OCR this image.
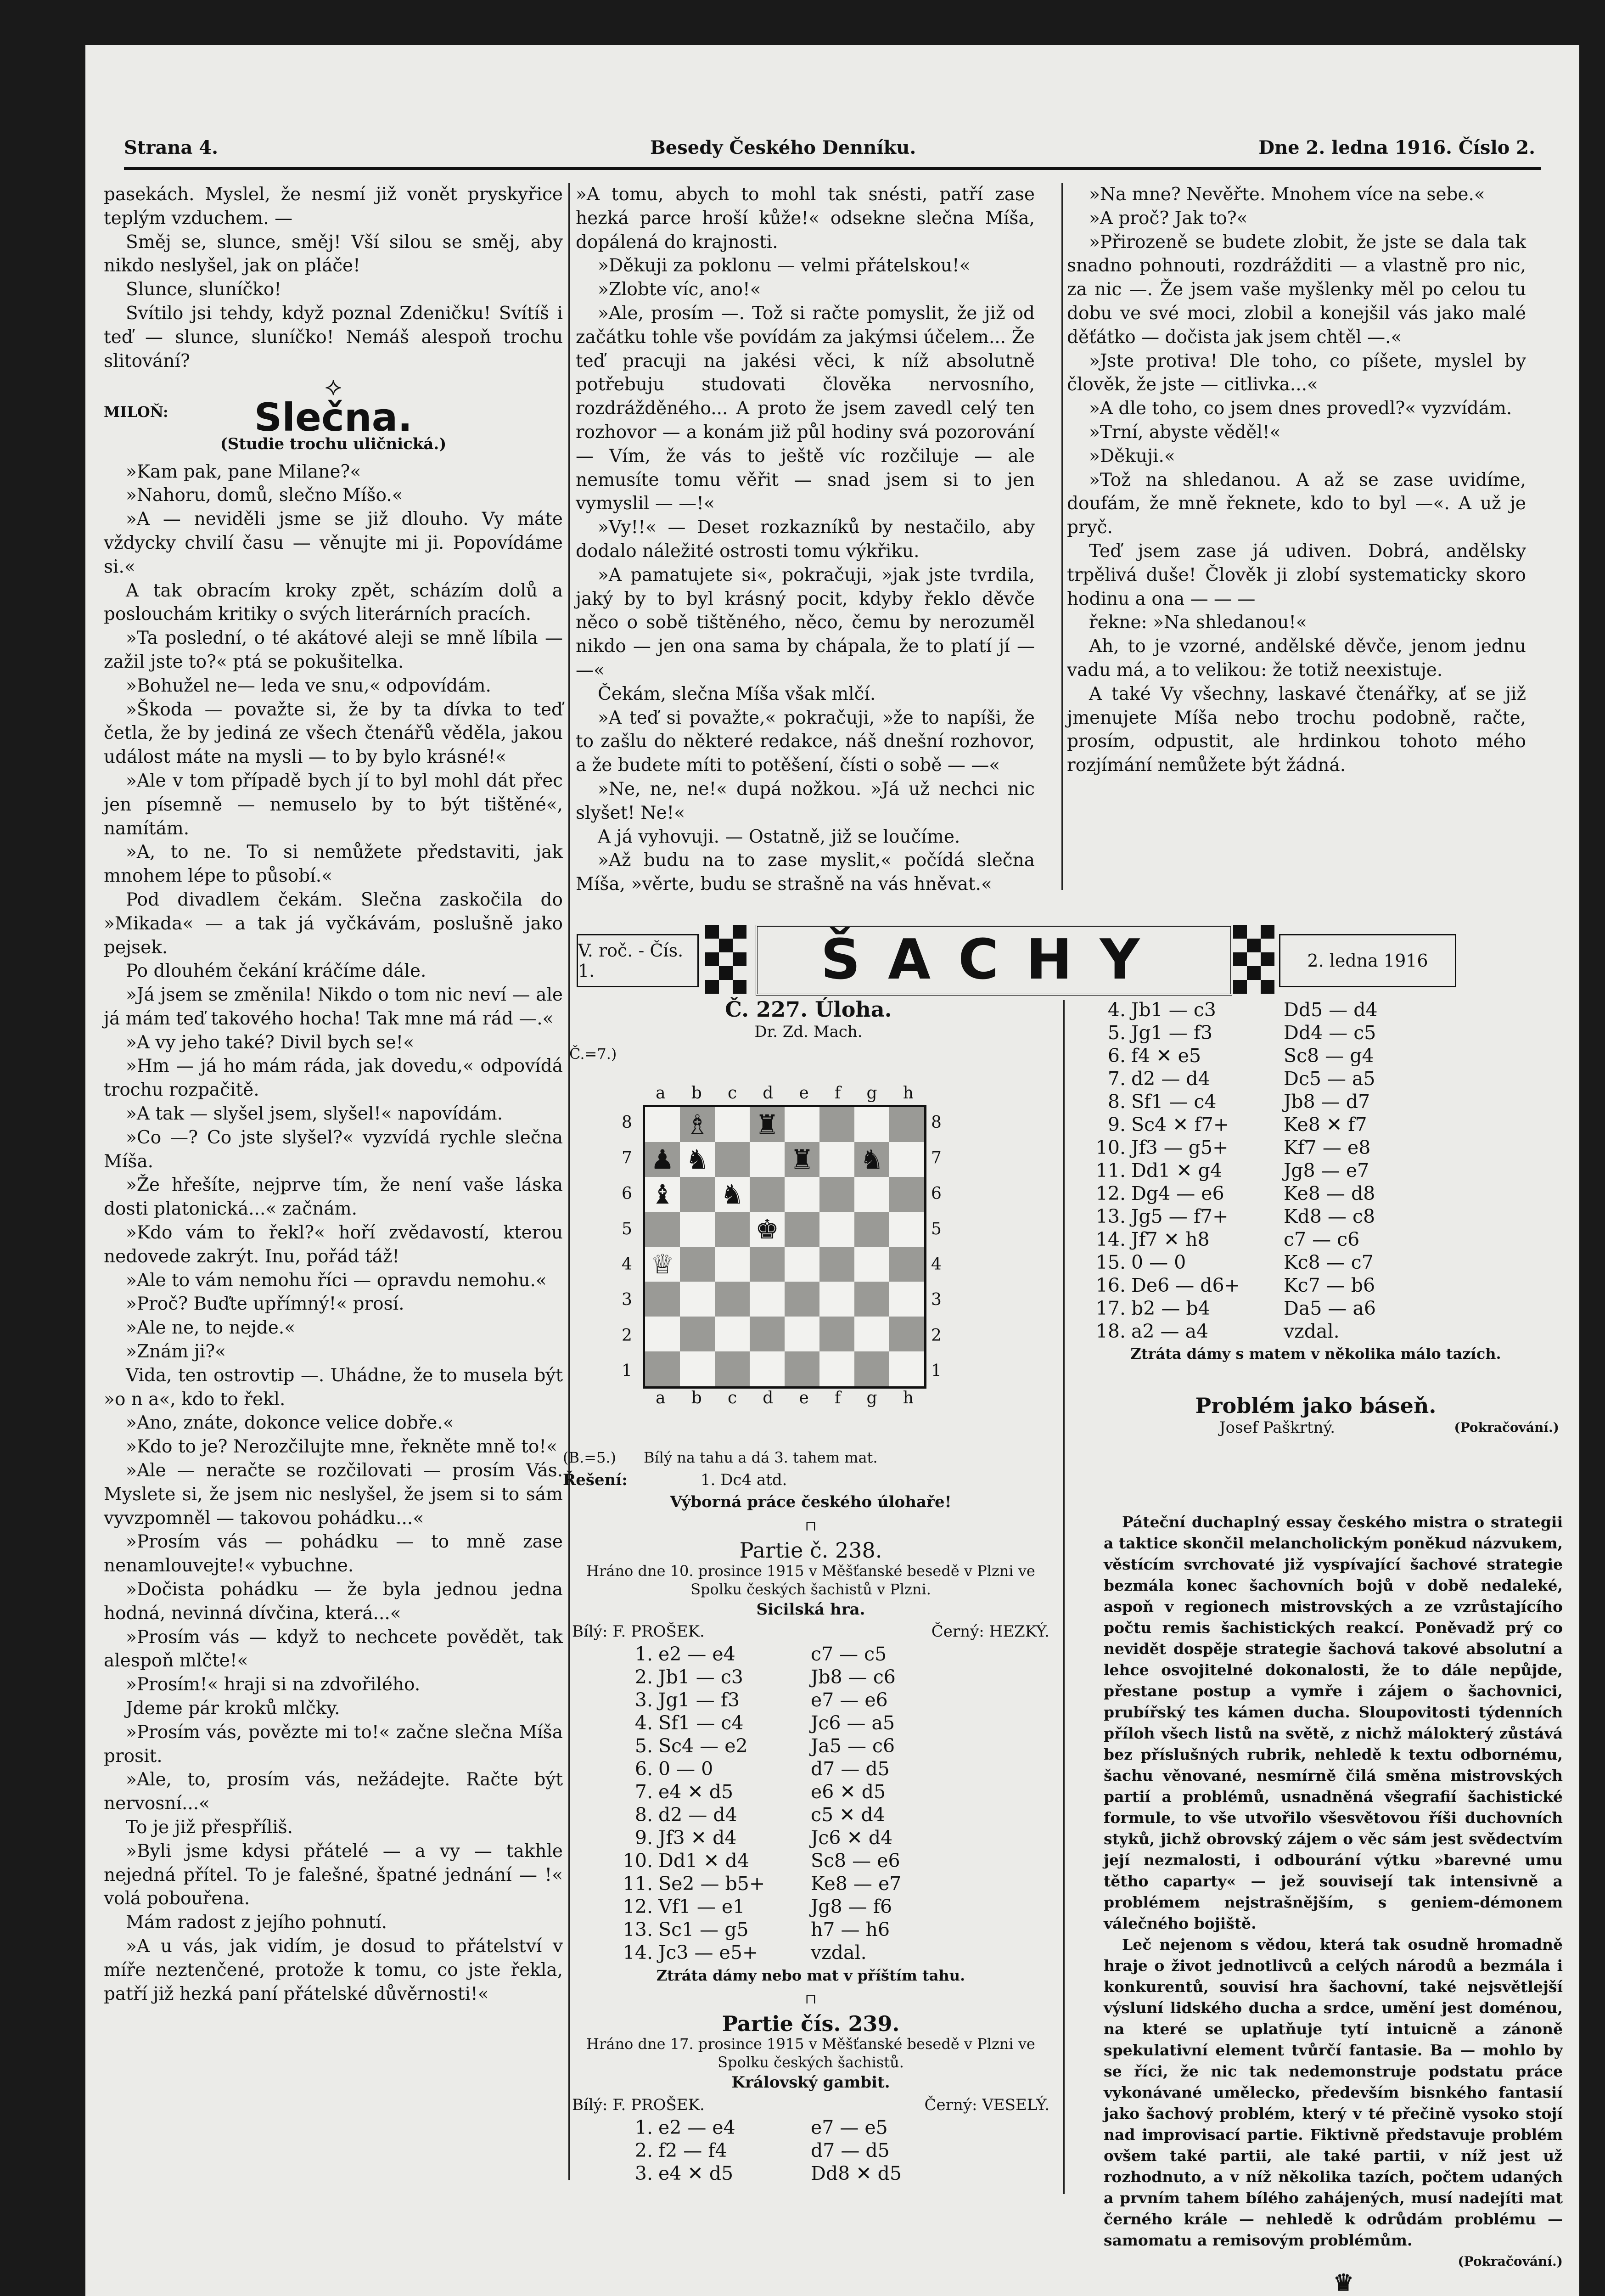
Strana 4.	Besedy Českého Denníku.	Dne 2. ledna 1916. Číslo 2.

pasekách. Myslel, že nesmí již vonět pryskyřice teplým vzduchem. —

Směj se, slunce, směj! Vší silou se směj, aby nikdo neslyšel, jak on pláče!

Slunce, sluníčko!

Svítilo jsi tehdy, když poznal Zdeničku! Svítíš i teď — slunce, sluníčko! Nemáš alespoň trochu slitování?

⟡

MILOŇ:	Slečna.
(Studie trochu uličnická.)

»Kam pak, pane Milane?«

»Nahoru, domů, slečno Míšo.«

»A — neviděli jsme se již dlouho. Vy máte vždycky chvilí času — věnujte mi ji. Popovídáme si.«

A tak obracím kroky zpět, scházím dolů a poslouchám kritiky o svých literárních pracích.

»Ta poslední, o té akátové aleji se mně líbila — zažil jste to?« ptá se pokušitelka.

»Bohužel ne— leda ve snu,« odpovídám.

»Škoda — považte si, že by ta dívka to teď četla, že by jediná ze všech čtenářů věděla, jakou událost máte na mysli — to by bylo krásné!«

»Ale v tom případě bych jí to byl mohl dát přec jen písemně — nemuselo by to být tištěné«, namítám.

»A, to ne. To si nemůžete představiti, jak mnohem lépe to působí.«

Pod divadlem čekám. Slečna zaskočila do »Mikada« — a tak já vyčkávám, poslušně jako pejsek.

Po dlouhém čekání kráčíme dále.

»Já jsem se změnila! Nikdo o tom nic neví — ale já mám teď takového hocha! Tak mne má rád —.«

»A vy jeho také? Divil bych se!«

»Hm — já ho mám ráda, jak dovedu,« odpovídá trochu rozpačitě.

»A tak — slyšel jsem, slyšel!« napovídám.

»Co —? Co jste slyšel?« vyzvídá rychle slečna Míša.

»Že hřešíte, nejprve tím, že není vaše láska dosti platonická...« začnám.

»Kdo vám to řekl?« hoří zvědavostí, kterou nedovede zakrýt. Inu, pořád táž!

»Ale to vám nemohu říci — opravdu nemohu.«

»Proč? Buďte upřímný!« prosí.

»Ale ne, to nejde.«

»Znám ji?«

Vida, ten ostrovtip —. Uhádne, že to musela být »o n a«, kdo to řekl.

»Ano, znáte, dokonce velice dobře.«

»Kdo to je? Nerozčilujte mne, řekněte mně to!«

»Ale — neračte se rozčilovati — prosím Vás. Myslete si, že jsem nic neslyšel, že jsem si to sám vyvzpomněl — takovou pohádku...«

»Prosím vás — pohádku — to mně zase nenamlouvejte!« vybuchne.

»Dočista pohádku — že byla jednou jedna hodná, nevinná dívčina, která...«

»Prosím vás — když to nechcete povědět, tak alespoň mlčte!«

»Prosím!« hraji si na zdvořilého.

Jdeme pár kroků mlčky.

»Prosím vás, povězte mi to!« začne slečna Míša prosit.

»Ale, to, prosím vás, nežádejte. Račte být nervosní...«

To je již přespříliš.

»Byli jsme kdysi přátelé — a vy — takhle nejedná přítel. To je falešné, špatné jednání — !« volá pobouřena.

Mám radost z jejího pohnutí.

»A u vás, jak vidím, je dosud to přátelství v míře neztenčené, protože k tomu, co jste řekla, patří již hezká paní přátelské důvěrnosti!«

»A tomu, abych to mohl tak snésti, patří zase hezká parce hroší kůže!« odsekne slečna Míša, dopálená do krajnosti.

»Děkuji za poklonu — velmi přátelskou!«

»Zlobte víc, ano!«

»Ale, prosím —. Tož si račte pomyslit, že již od začátku tohle vše povídám za jakýmsi účelem... Že teď pracuji na jakési věci, k níž absolutně potřebuju studovati člověka nervosního, rozdrážděného... A proto že jsem zavedl celý ten rozhovor — a konám již půl hodiny svá pozorování — Vím, že vás to ještě víc rozčiluje — ale nemusíte tomu věřit — snad jsem si to jen vymyslil — —!«

»Vy!!« — Deset rozkazníků by nestačilo, aby dodalo náležité ostrosti tomu výkřiku.

»A pamatujete si«, pokračuji, »jak jste tvrdila, jaký by to byl krásný pocit, kdyby řeklo děvče něco o sobě tištěného, něco, čemu by nerozuměl nikdo — jen ona sama by chápala, že to platí jí — —«

Čekám, slečna Míša však mlčí.

»A teď si považte,« pokračuji, »že to napíši, že to zašlu do některé redakce, náš dnešní rozhovor, a že budete míti to potěšení, čísti o sobě — —«

»Ne, ne, ne!« dupá nožkou. »Já už nechci nic slyšet! Ne!«

A já vyhovuji. — Ostatně, již se loučíme.

»Až budu na to zase myslit,« počídá slečna Míša, »věrte, budu se strašně na vás hněvat.«

»Na mne? Nevěřte. Mnohem více na sebe.«

»A proč? Jak to?«

»Přirozeně se budete zlobit, že jste se dala tak snadno pohnouti, rozdrážditi — a vlastně pro nic, za nic —. Že jsem vaše myšlenky měl po celou tu dobu ve své moci, zlobil a konejšil vás jako malé děťátko — dočista jak jsem chtěl —.«

»Jste protiva! Dle toho, co píšete, myslel by člověk, že jste — citlivka...«

»A dle toho, co jsem dnes provedl?« vyzvídám.

»Trní, abyste věděl!«

»Děkuji.«

»Tož na shledanou. A až se zase uvidíme, doufám, že mně řeknete, kdo to byl —«. A už je pryč.

Teď jsem zase já udiven. Dobrá, andělsky trpělivá duše! Člověk ji zlobí systematicky skoro hodinu a ona — — —

řekne: »Na shledanou!«

Ah, to je vzorné, andělské děvče, jenom jednu vadu má, a to velikou: že totiž neexistuje.

A také Vy všechny, laskavé čtenářky, ať se již jmenujete Míša nebo trochu podobně, račte, prosím, odpustit, ale hrdinkou tohoto mého rozjímání nemůžete být žádná.

V. roč. - Čís. 1.	ŠACHY	2. ledna 1916
Č. 227. Úloha.
Dr. Zd. Mach.
Č.=7.)
a b c d e f g h
8
7
6
5
4
3
2
1
♗ ♜
♟ ♞	♜ ♞
♝ ♞
♚
♕
8
7
6
5
4
3
2
1
a b c d e f g h
(B.=5.) Bílý na tahu a dá 3. tahem mat.
Řešení:	1. Dc4 atd.
Výborná práce českého úlohaře!
⊓
Partie č. 238.
Hráno dne 10. prosince 1915 v Měšťanské besedě v Plzni ve Spolku českých šachistů v Plzni.
Sicilská hra.
Bílý: F. PROŠEK.	Černý: HEZKÝ.
1.	e2 — e4	c7 — c5
2.	Jb1 — c3	Jb8 — c6
3.	Jg1 — f3	e7 — e6
4.	Sf1 — c4	Jc6 — a5
5.	Sc4 — e2	Ja5 — c6
6.	0 — 0	d7 — d5
7.	e4 ✕ d5	e6 ✕ d5
8.	d2 — d4	c5 ✕ d4
9.	Jf3 ✕ d4	Jc6 ✕ d4
10.	Dd1 ✕ d4	Sc8 — e6
11.	Se2 — b5+	Ke8 — e7
12.	Vf1 — e1	Jg8 — f6
13.	Sc1 — g5	h7 — h6
14.	Jc3 — e5+	vzdal.
Ztráta dámy nebo mat v příštím tahu.
⊓
Partie čís. 239.
Hráno dne 17. prosince 1915 v Měšťanské besedě v Plzni ve Spolku českých šachistů.
Královský gambit.
Bílý: F. PROŠEK.	Černý: VESELÝ.
1.	e2 — e4	e7 — e5
2.	f2 — f4	d7 — d5
3.	e4 ✕ d5	Dd8 ✕ d5
4.	Jb1 — c3	Dd5 — d4
5.	Jg1 — f3	Dd4 — c5
6.	f4 ✕ e5	Sc8 — g4
7.	d2 — d4	Dc5 — a5
8.	Sf1 — c4	Jb8 — d7
9.	Sc4 ✕ f7+	Ke8 ✕ f7
10.	Jf3 — g5+	Kf7 — e8
11.	Dd1 ✕ g4	Jg8 — e7
12.	Dg4 — e6	Ke8 — d8
13.	Jg5 — f7+	Kd8 — c8
14.	Jf7 ✕ h8	c7 — c6
15.	0 — 0	Kc8 — c7
16.	De6 — d6+	Kc7 — b6
17.	b2 — b4	Da5 — a6
18.	a2 — a4	vzdal.
Ztráta dámy s matem v několika málo tazích.
Problém jako báseň.
Josef Paškrtný.	(Pokračování.)

Páteční duchaplný essay českého mistra o strategii a taktice skončil melancholickým poněkud názvukem, věstícím svrchovaté již vyspívající šachové strategie bezmála konec šachovních bojů v době nedaleké, aspoň v regionech mistrovských a ze vzrůstajícího počtu remis šachistických reakcí. Poněvadž prý co nevidět dospěje strategie šachová takové absolutní a lehce osvojitelné dokonalosti, že to dále nepůjde, přestane postup a vymře i zájem o šachovnici, prubířský tes kámen ducha. Sloupovitosti týdenních příloh všech listů na světě, z nichž málokterý zůstává bez příslušných rubrik, nehledě k textu odbornému, šachu věnované, nesmírně čilá směna mistrovských partií a problémů, usnadněná všegrafií šachistické formule, to vše utvořilo všesvětovou říši duchovních styků, jichž obrovský zájem o věc sám jest svědectvím její nezmalosti, i odbourání výtku »barevné umu tětho caparty« — jež souvisejí tak intensivně a problémem nejstrašnějším, s geniem-démonem válečného bojiště.

Leč nejenom s vědou, která tak osudně hromadně hraje o život jednotlivců a celých národů a bezmála i konkurentů, souvisí hra šachovní, také nejsvětlejší výsluní lidského ducha a srdce, umění jest doménou, na které se uplatňuje tytí intuicně a zánoně spekulativní element tvůrčí fantasie. Ba — mohlo by se říci, že nic tak nedemonstruje podstatu práce vykonávané umělecko, především bisnkého fantasií jako šachový problém, který v té přečině vysoko stojí nad improvisací partie. Fiktivně představuje problém ovšem také partii, ale také partii, v níž jest už rozhodnuto, a v níž několika tazích, počtem udaných a prvním tahem bílého zahájených, musí nadejíti mat černého krále — nehledě k odrůdám problému — samomatu a remisovým problémům.

(Pokračování.)
♛
